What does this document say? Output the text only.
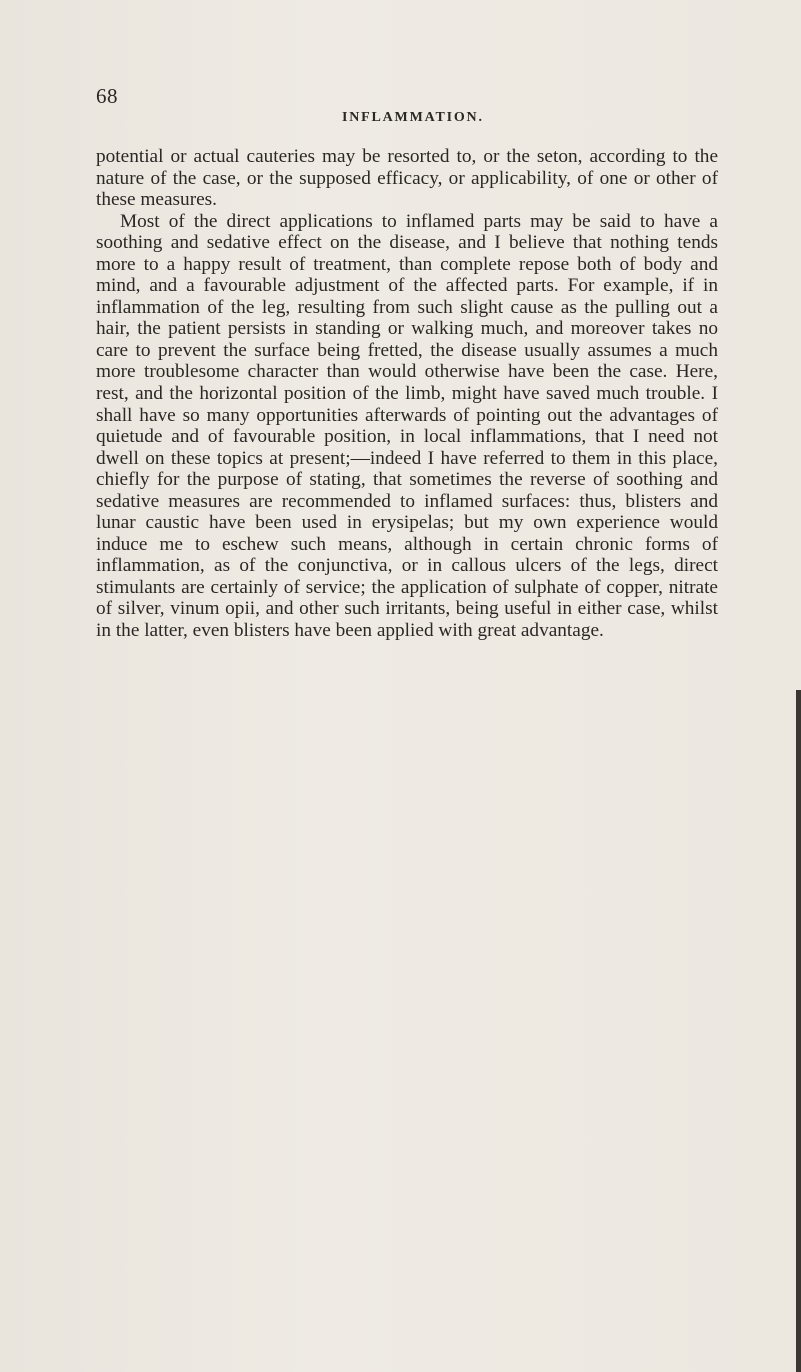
68
INFLAMMATION.

potential or actual cauteries may be resorted to, or the seton, according to the nature of the case, or the supposed efficacy, or applicability, of one or other of these measures.

Most of the direct applications to inflamed parts may be said to have a soothing and sedative effect on the disease, and I believe that nothing tends more to a happy result of treatment, than complete repose both of body and mind, and a favourable adjustment of the affected parts. For example, if in inflammation of the leg, resulting from such slight cause as the pulling out a hair, the patient persists in standing or walking much, and moreover takes no care to prevent the surface being fretted, the disease usually assumes a much more troublesome character than would otherwise have been the case. Here, rest, and the horizontal position of the limb, might have saved much trouble. I shall have so many opportunities afterwards of pointing out the advantages of quietude and of favourable position, in local inflammations, that I need not dwell on these topics at present;—indeed I have referred to them in this place, chiefly for the purpose of stating, that sometimes the reverse of soothing and sedative measures are recommended to inflamed surfaces: thus, blisters and lunar caustic have been used in erysipelas; but my own experience would induce me to eschew such means, although in certain chronic forms of inflammation, as of the conjunctiva, or in callous ulcers of the legs, direct stimulants are certainly of service; the application of sulphate of copper, nitrate of silver, vinum opii, and other such irritants, being useful in either case, whilst in the latter, even blisters have been applied with great advantage.
